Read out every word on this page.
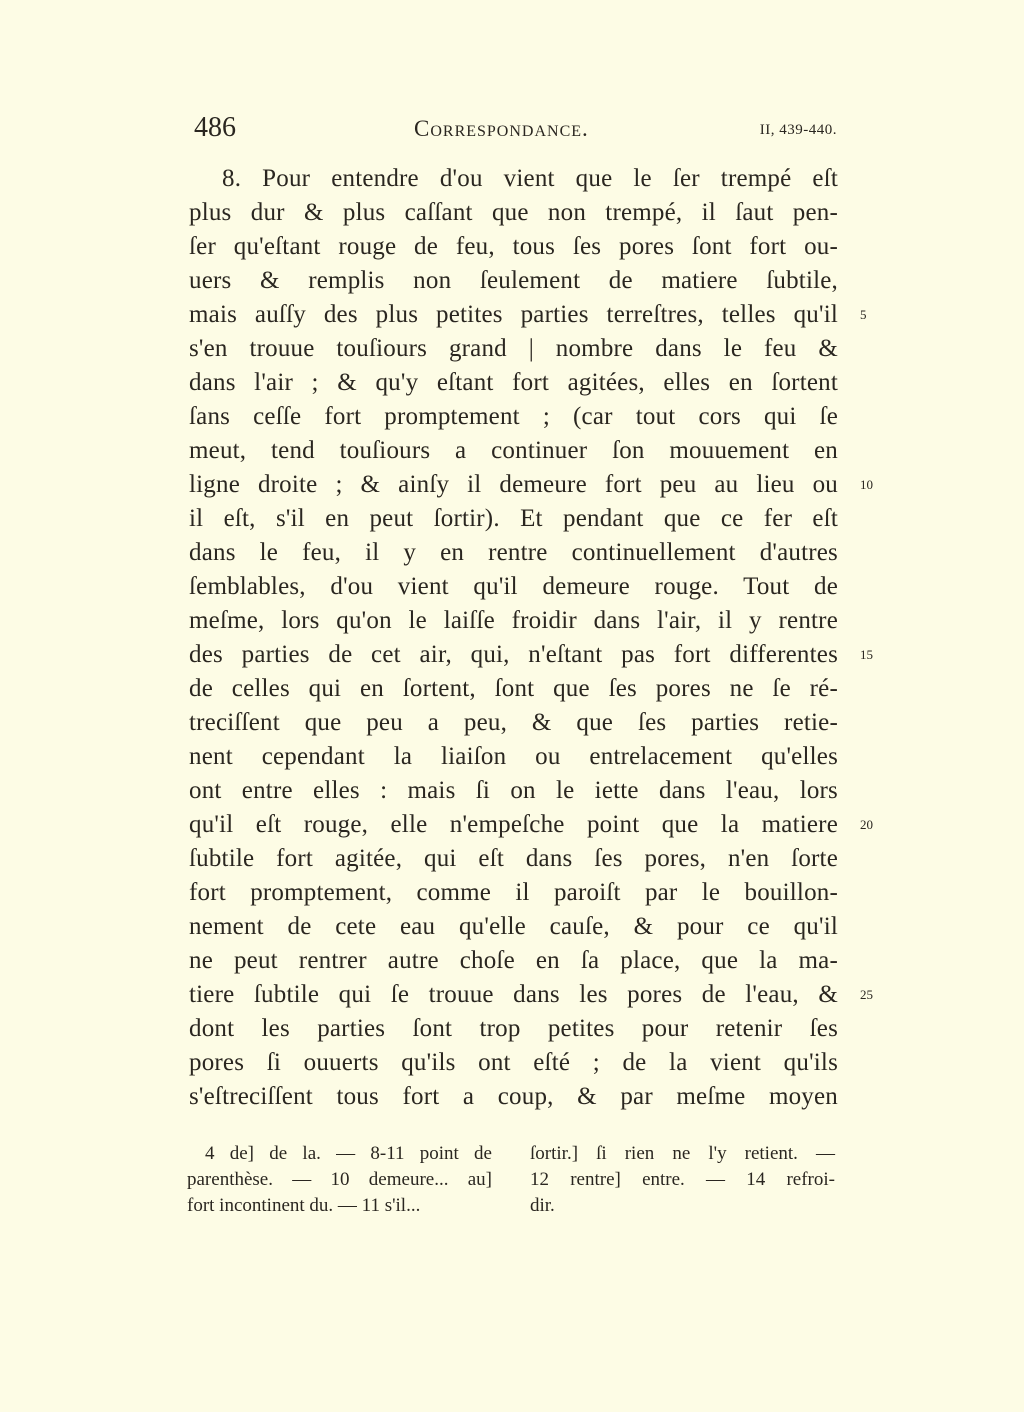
486	Correspondance.	II, 439-440.
8. Pour entendre d'ou vient que le ſer trempé eſt
plus dur & plus caſſant que non trempé, il ſaut pen-
ſer qu'eſtant rouge de feu, tous ſes pores ſont fort ou-
uers & remplis non ſeulement de matiere ſubtile,
mais auſſy des plus petites parties terreſtres, telles qu'il
s'en trouue touſiours grand | nombre dans le feu &
dans l'air ; & qu'y eſtant fort agitées, elles en ſortent
ſans ceſſe fort promptement ; (car tout cors qui ſe
meut, tend touſiours a continuer ſon mouuement en
ligne droite ; & ainſy il demeure fort peu au lieu ou
il eſt, s'il en peut ſortir). Et pendant que ce fer eſt
dans le feu, il y en rentre continuellement d'autres
ſemblables, d'ou vient qu'il demeure rouge. Tout de
meſme, lors qu'on le laiſſe froidir dans l'air, il y rentre
des parties de cet air, qui, n'eſtant pas fort differentes
de celles qui en ſortent, ſont que ſes pores ne ſe ré-
treciſſent que peu a peu, & que ſes parties retie-
nent cependant la liaiſon ou entrelacement qu'elles
ont entre elles : mais ſi on le iette dans l'eau, lors
qu'il eſt rouge, elle n'empeſche point que la matiere
ſubtile fort agitée, qui eſt dans ſes pores, n'en ſorte
fort promptement, comme il paroiſt par le bouillon-
nement de cete eau qu'elle cauſe, & pour ce qu'il
ne peut rentrer autre choſe en ſa place, que la ma-
tiere ſubtile qui ſe trouue dans les pores de l'eau, &
dont les parties ſont trop petites pour retenir ſes
pores ſi ouuerts qu'ils ont eſté ; de la vient qu'ils
s'eſtreciſſent tous fort a coup, & par meſme moyen
5
10
15
20
25
4 de] de la. — 8-11 point de
parenthèse. — 10 demeure... au]
fort incontinent du. — 11 s'il...
ſortir.] ſi rien ne l'y retient. —
12 rentre] entre. — 14 refroi-
dir.
